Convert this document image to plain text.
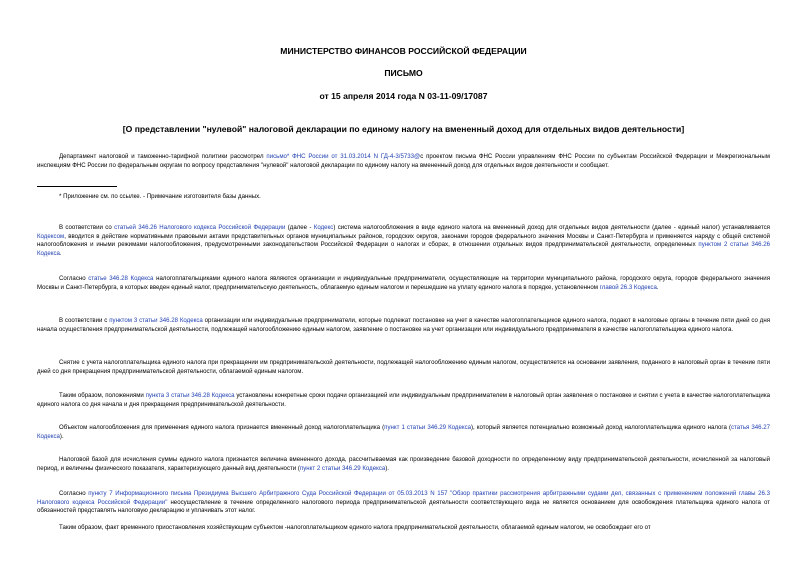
МИНИСТЕРСТВО ФИНАНСОВ РОССИЙСКОЙ ФЕДЕРАЦИИ
ПИСЬМО
от 15 апреля 2014 года N 03-11-09/17087
[О представлении "нулевой" налоговой декларации по единому налогу на вмененный доход для отдельных видов деятельности]

Департамент налоговой и таможенно-тарифной политики рассмотрел письмо* ФНС России от 31.03.2014 N ГД-4-3/5733@с проектом письма ФНС России управлениям ФНС России по субъектам Российской Федерации и Межрегиональным инспекциям ФНС России по федеральным округам по вопросу представления "нулевой" налоговой декларации по единому налогу на вмененный доход для отдельных видов деятельности и сообщает.

* Приложение см. по ссылке. - Примечание изготовителя базы данных.

В соответствии со статьей 346.26 Налогового кодекса Российской Федерации (далее - Кодекс) система налогообложения в виде единого налога на вмененный доход для отдельных видов деятельности (далее - единый налог) устанавливается Кодексом, вводится в действие нормативными правовыми актами представительных органов муниципальных районов, городских округов, законами городов федерального значения Москвы и Санкт-Петербурга и применяется наряду с общей системой налогообложения и иными режимами налогообложения, предусмотренными законодательством Российской Федерации о налогах и сборах, в отношении отдельных видов предпринимательской деятельности, определенных пунктом 2 статьи 346.26 Кодекса.

Согласно статье 346.28 Кодекса налогоплательщиками единого налога являются организации и индивидуальные предприниматели, осуществляющие на территории муниципального района, городского округа, городов федерального значения Москвы и Санкт-Петербурга, в которых введен единый налог, предпринимательскую деятельность, облагаемую единым налогом и перешедшие на уплату единого налога в порядке, установленном главой 26.3 Кодекса.

В соответствии с пунктом 3 статьи 346.28 Кодекса организации или индивидуальные предприниматели, которые подлежат постановке на учет в качестве налогоплательщиков единого налога, подают в налоговые органы в течение пяти дней со дня начала осуществления предпринимательской деятельности, подлежащей налогообложению единым налогом, заявление о постановке на учет организации или индивидуального предпринимателя в качестве налогоплательщика единого налога.

Снятие с учета налогоплательщика единого налога при прекращении им предпринимательской деятельности, подлежащей налогообложению единым налогом, осуществляется на основании заявления, поданного в налоговый орган в течение пяти дней со дня прекращения предпринимательской деятельности, облагаемой единым налогом.

Таким образом, положениями пункта 3 статьи 346.28 Кодекса установлены конкретные сроки подачи организацией или индивидуальным предпринимателем в налоговый орган заявления о постановке и снятии с учета в качестве налогоплательщика единого налога со дня начала и дня прекращения предпринимательской деятельности.

Объектом налогообложения для применения единого налога признается вмененный доход налогоплательщика (пункт 1 статьи 346.29 Кодекса), который является потенциально возможный доход налогоплательщика единого налога (статья 346.27 Кодекса).

Налоговой базой для исчисления суммы единого налога признается величина вмененного дохода, рассчитываемая как произведение базовой доходности по определенному виду предпринимательской деятельности, исчисленной за налоговый период, и величины физического показателя, характеризующего данный вид деятельности (пункт 2 статьи 346.29 Кодекса).

Согласно пункту 7 Информационного письма Президиума Высшего Арбитражного Суда Российской Федерации от 05.03.2013 N 157 "Обзор практики рассмотрения арбитражными судами дел, связанных с применением положений главы 26.3 Налогового кодекса Российской Федерации" неосуществление в течение определенного налогового периода предпринимательской деятельности соответствующего вида не является основанием для освобождения плательщика единого налога от обязанностей представлять налоговую декларацию и уплачивать этот налог.

Таким образом, факт временного приостановления хозяйствующим субъектом -налогоплательщиком единого налога предпринимательской деятельности, облагаемой единым налогом, не освобождает его от
